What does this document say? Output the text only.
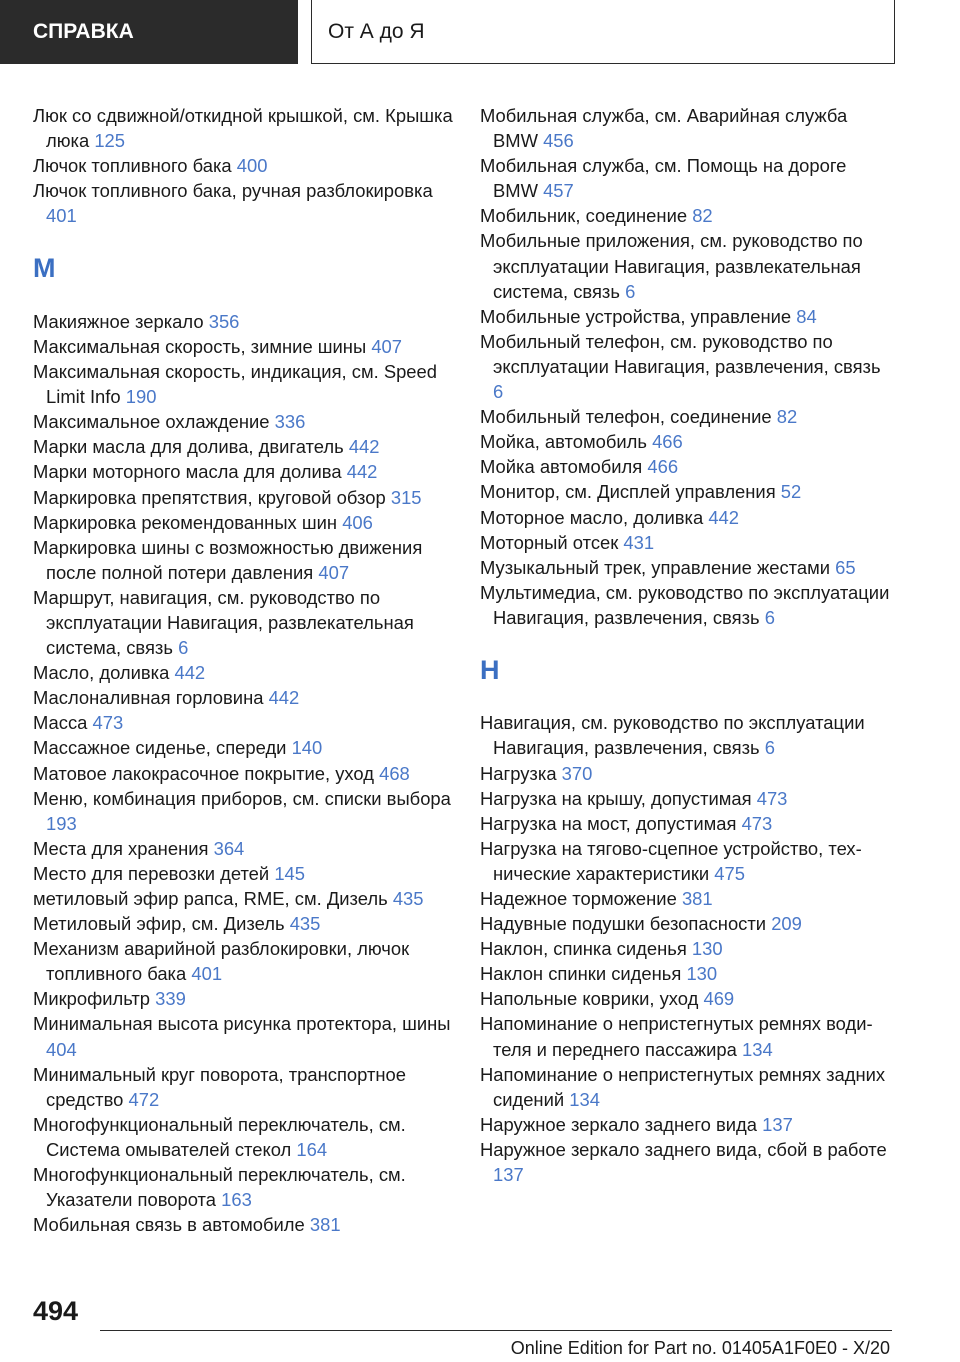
СПРАВКА	От А до Я
Люк со сдвижной/откидной крышкой, см. Крышка люка 125
Лючок топливного бака 400
Лючок топливного бака, ручная разблокировка 401
М
Макияжное зеркало 356
Максимальная скорость, зимние шины 407
Максимальная скорость, индикация, см. Speed Limit Info 190
Максимальное охлаждение 336
Марки масла для долива, двигатель 442
Марки моторного масла для долива 442
Маркировка препятствия, круговой обзор 315
Маркировка рекомендованных шин 406
Маркировка шины с возможностью движения после полной потери давления 407
Маршрут, навигация, см. руководство по эксплуатации Навигация, развлекательная система, связь 6
Масло, доливка 442
Маслоналивная горловина 442
Масса 473
Массажное сиденье, спереди 140
Матовое лакокрасочное покрытие, уход 468
Меню, комбинация приборов, см. списки выбора 193
Места для хранения 364
Место для перевозки детей 145
метиловый эфир рапса, RME, см. Дизель 435
Метиловый эфир, см. Дизель 435
Механизм аварийной разблокировки, лючок топливного бака 401
Микрофильтр 339
Минимальная высота рисунка протектора, шины 404
Минимальный круг поворота, транспортное средство 472
Многофункциональный переключатель, см. Система омывателей стекол 164
Многофункциональный переключатель, см. Указатели поворота 163
Мобильная связь в автомобиле 381
Мобильная служба, см. Аварийная служба BMW 456
Мобильная служба, см. Помощь на дороге BMW 457
Мобильник, соединение 82
Мобильные приложения, см. руководство по эксплуатации Навигация, развлекательная система, связь 6
Мобильные устройства, управление 84
Мобильный телефон, см. руководство по эксплуатации Навигация, развлечения, связь 6
Мобильный телефон, соединение 82
Мойка, автомобиль 466
Мойка автомобиля 466
Монитор, см. Дисплей управления 52
Моторное масло, доливка 442
Моторный отсек 431
Музыкальный трек, управление жестами 65
Мультимедиа, см. руководство по эксплуатации Навигация, развлечения, связь 6
Н
Навигация, см. руководство по эксплуатации Навигация, развлечения, связь 6
Нагрузка 370
Нагрузка на крышу, допустимая 473
Нагрузка на мост, допустимая 473
Нагрузка на тягово-сцепное устройство, технические характеристики 475
Надежное торможение 381
Надувные подушки безопасности 209
Наклон, спинка сиденья 130
Наклон спинки сиденья 130
Напольные коврики, уход 469
Напоминание о непристегнутых ремнях водителя и переднего пассажира 134
Напоминание о непристегнутых ремнях задних сидений 134
Наружное зеркало заднего вида 137
Наружное зеркало заднего вида, сбой в работе 137
494
Online Edition for Part no. 01405A1F0E0 - X/20
